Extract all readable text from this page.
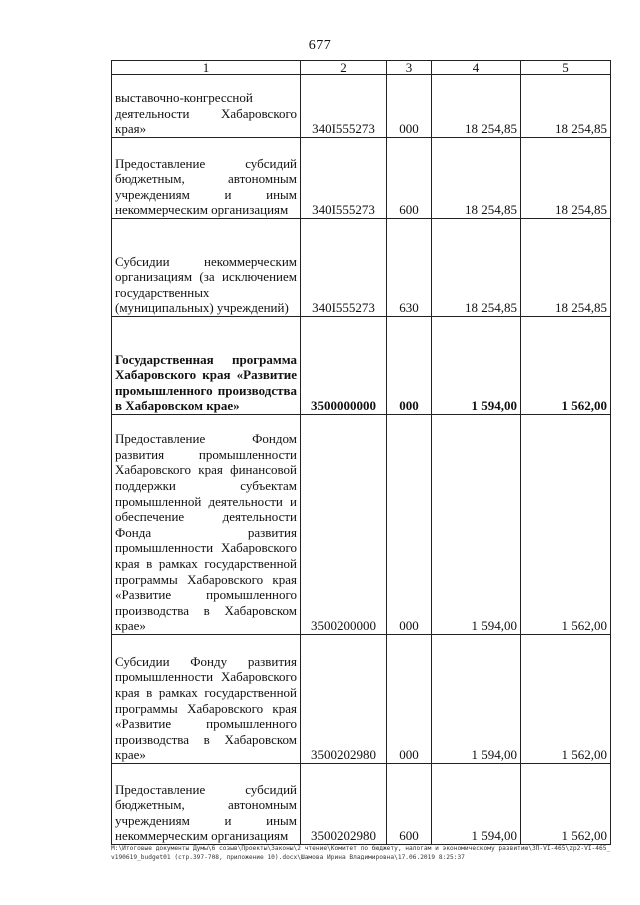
677
1	2	3	4	5
выставочно-конгрессной деятельности Хабаровского края»	340I555273	000	18 254,85	18 254,85
Предоставление субсидий бюджетным, автономным учреждениям и иным некоммерческим организациям	340I555273	600	18 254,85	18 254,85
Субсидии некоммерческим организациям (за исключением государственных (муниципальных) учреждений)	340I555273	630	18 254,85	18 254,85
Государственная программа Хабаровского края «Развитие промышленного производства в Хабаровском крае»	3500000000	000	1 594,00	1 562,00
Предоставление Фондом развития промышленности Хабаровского края финансовой поддержки субъектам промышленной деятельности и обеспечение деятельности Фонда развития промышленности Хабаровского края в рамках государственной программы Хабаровского края «Развитие промышленного производства в Хабаровском крае»	3500200000	000	1 594,00	1 562,00
Субсидии Фонду развития промышленности Хабаровского края в рамках государственной программы Хабаровского края «Развитие промышленного производства в Хабаровском крае»	3500202980	000	1 594,00	1 562,00
Предоставление субсидий бюджетным, автономным учреждениям и иным некоммерческим организациям	3500202980	600	1 594,00	1 562,00
M:\Итоговые документы Думы\6 созыв\Проекты\Законы\2 чтение\Комитет по бюджету, налогам и экономическому развитию\ЗП-VI-465\zp2-VI-465_v190619_budget01 (стр.397-708, приложение 10).docx\Шамова Ирина Владимировна\17.06.2019 8:25:37
